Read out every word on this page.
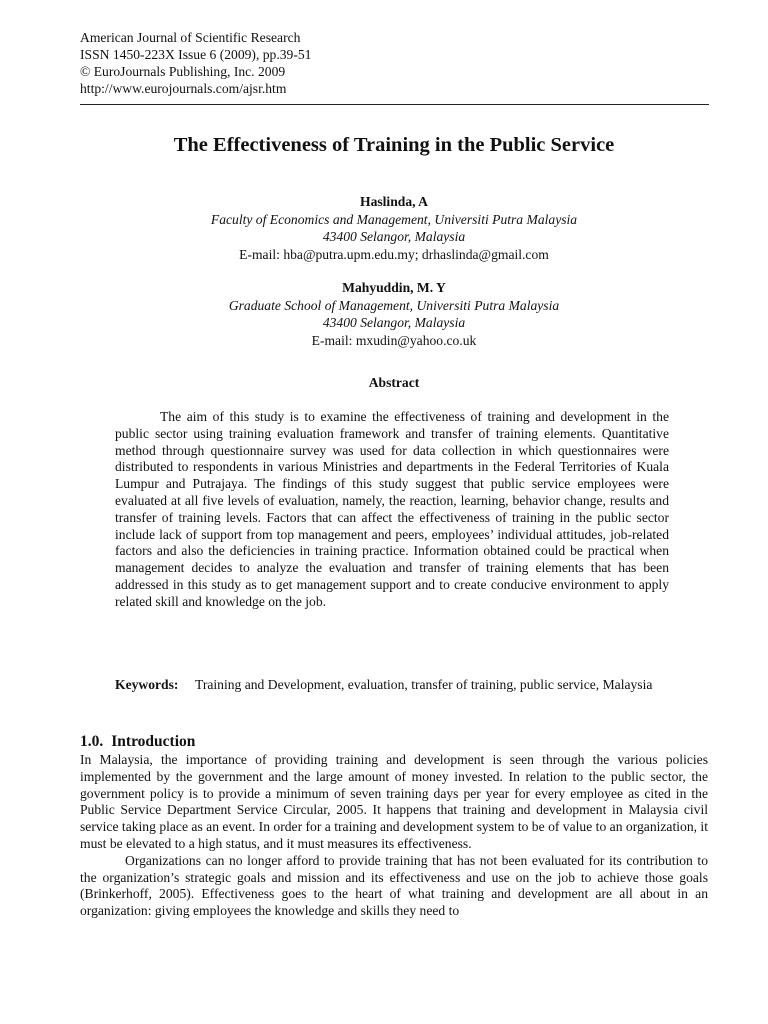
American Journal of Scientific Research
ISSN 1450-223X Issue 6 (2009), pp.39-51
© EuroJournals Publishing, Inc. 2009
http://www.eurojournals.com/ajsr.htm
The Effectiveness of Training in the Public Service
Haslinda, A
Faculty of Economics and Management, Universiti Putra Malaysia
43400 Selangor, Malaysia
E-mail: hba@putra.upm.edu.my; drhaslinda@gmail.com
Mahyuddin, M. Y
Graduate School of Management, Universiti Putra Malaysia
43400 Selangor, Malaysia
E-mail: mxudin@yahoo.co.uk
Abstract

The aim of this study is to examine the effectiveness of training and development in the public sector using training evaluation framework and transfer of training elements. Quantitative method through questionnaire survey was used for data collection in which questionnaires were distributed to respondents in various Ministries and departments in the Federal Territories of Kuala Lumpur and Putrajaya. The findings of this study suggest that public service employees were evaluated at all five levels of evaluation, namely, the reaction, learning, behavior change, results and transfer of training levels. Factors that can affect the effectiveness of training in the public sector include lack of support from top management and peers, employees’ individual attitudes, job-related factors and also the deficiencies in training practice. Information obtained could be practical when management decides to analyze the evaluation and transfer of training elements that has been addressed in this study as to get management support and to create conducive environment to apply related skill and knowledge on the job.

Keywords:	Training and Development, evaluation, transfer of training, public service, Malaysia
1.0. Introduction

In Malaysia, the importance of providing training and development is seen through the various policies implemented by the government and the large amount of money invested. In relation to the public sector, the government policy is to provide a minimum of seven training days per year for every employee as cited in the Public Service Department Service Circular, 2005. It happens that training and development in Malaysia civil service taking place as an event. In order for a training and development system to be of value to an organization, it must be elevated to a high status, and it must measures its effectiveness.

Organizations can no longer afford to provide training that has not been evaluated for its contribution to the organization’s strategic goals and mission and its effectiveness and use on the job to achieve those goals (Brinkerhoff, 2005). Effectiveness goes to the heart of what training and development are all about in an organization: giving employees the knowledge and skills they need to
